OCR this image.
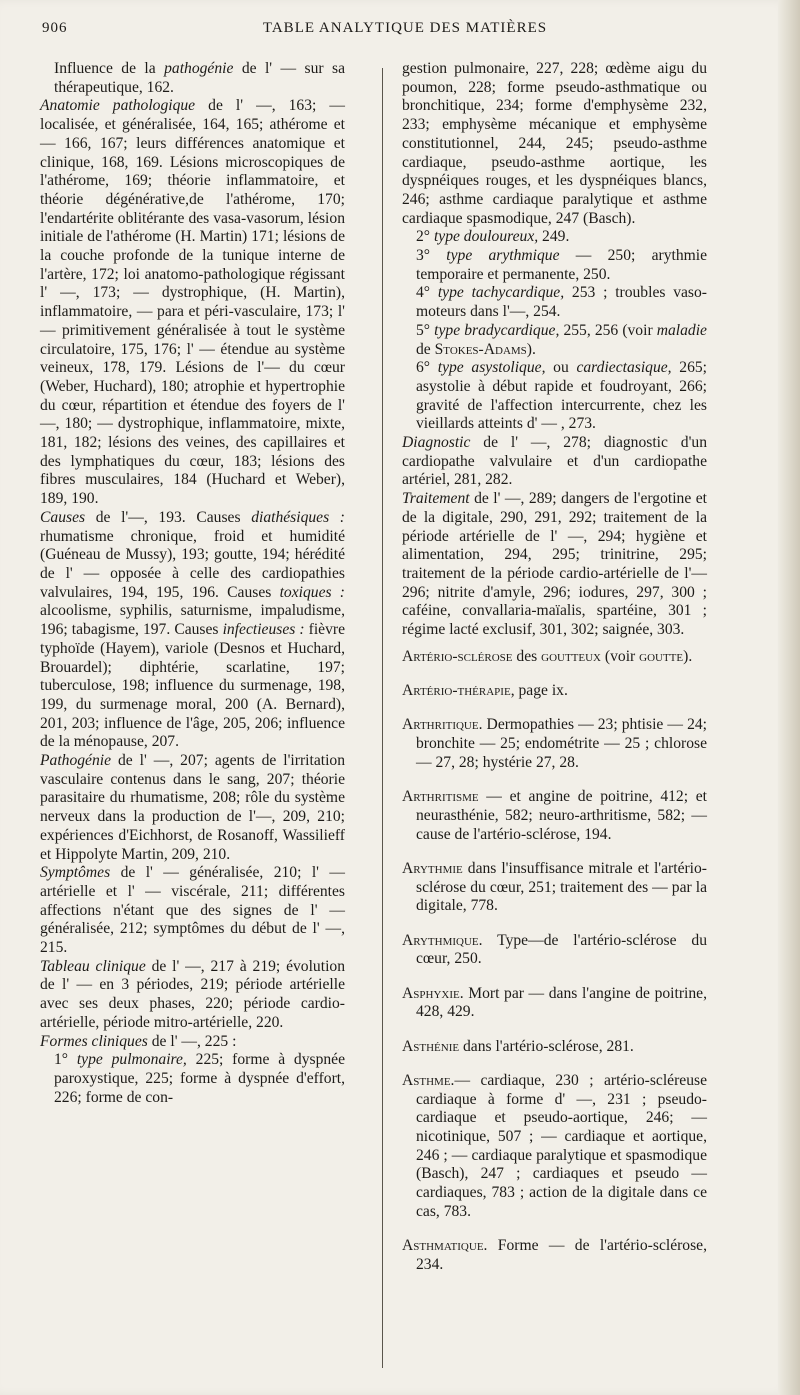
906	TABLE ANALYTIQUE DES MATIÈRES

Influence de la pathogénie de l' — sur sa thérapeutique, 162.

Anatomie pathologique de l' —, 163; — localisée, et généralisée, 164, 165; athérome et — 166, 167; leurs différences anatomique et clinique, 168, 169. Lésions microscopiques de l'athérome, 169; théorie inflammatoire, et théorie dégénérative,de l'athérome, 170; l'endartérite oblitérante des vasa-vasorum, lésion initiale de l'athérome (H. Martin) 171; lésions de la couche profonde de la tunique interne de l'artère, 172; loi anatomo-pathologique régissant l' —, 173; — dystrophique, (H. Martin), inflammatoire, — para et péri-vasculaire, 173; l' — primitivement généralisée à tout le système circulatoire, 175, 176; l' — étendue au système veineux, 178, 179. Lésions de l'— du cœur (Weber, Huchard), 180; atrophie et hypertrophie du cœur, répartition et étendue des foyers de l' —, 180; — dystrophique, inflammatoire, mixte, 181, 182; lésions des veines, des capillaires et des lymphatiques du cœur, 183; lésions des fibres musculaires, 184 (Huchard et Weber), 189, 190.

Causes de l'—, 193. Causes diathésiques : rhumatisme chronique, froid et humidité (Guéneau de Mussy), 193; goutte, 194; hérédité de l' — opposée à celle des cardiopathies valvulaires, 194, 195, 196. Causes toxiques : alcoolisme, syphilis, saturnisme, impaludisme, 196; tabagisme, 197. Causes infectieuses : fièvre typhoïde (Hayem), variole (Desnos et Huchard, Brouardel); diphtérie, scarlatine, 197; tuberculose, 198; influence du surmenage, 198, 199, du surmenage moral, 200 (A. Bernard), 201, 203; influence de l'âge, 205, 206; influence de la ménopause, 207.

Pathogénie de l' —, 207; agents de l'irritation vasculaire contenus dans le sang, 207; théorie parasitaire du rhumatisme, 208; rôle du système nerveux dans la production de l'—, 209, 210; expériences d'Eichhorst, de Rosanoff, Wassilieff et Hippolyte Martin, 209, 210.

Symptômes de l' — généralisée, 210; l' — artérielle et l' — viscérale, 211; différentes affections n'étant que des signes de l' — généralisée, 212; symptômes du début de l' —, 215.

Tableau clinique de l' —, 217 à 219; évolution de l' — en 3 périodes, 219; période artérielle avec ses deux phases, 220; période cardio-artérielle, période mitro-artérielle, 220.

Formes cliniques de l' —, 225 :

1° type pulmonaire, 225; forme à dyspnée paroxystique, 225; forme à dyspnée d'effort, 226; forme de con-

gestion pulmonaire, 227, 228; œdème aigu du poumon, 228; forme pseudo-asthmatique ou bronchitique, 234; forme d'emphysème 232, 233; emphysème mécanique et emphysème constitutionnel, 244, 245; pseudo-asthme cardiaque, pseudo-asthme aortique, les dyspnéiques rouges, et les dyspnéiques blancs, 246; asthme cardiaque paralytique et asthme cardiaque spasmodique, 247 (Basch).

2° type douloureux, 249.

3° type arythmique — 250; arythmie temporaire et permanente, 250.

4° type tachycardique, 253 ; troubles vaso-moteurs dans l'—, 254.

5° type bradycardique, 255, 256 (voir maladie de Stokes-Adams).

6° type asystolique, ou cardiectasique, 265; asystolie à début rapide et foudroyant, 266; gravité de l'affection intercurrente, chez les vieillards atteints d' — , 273.

Diagnostic de l' —, 278; diagnostic d'un cardiopathe valvulaire et d'un cardiopathe artériel, 281, 282.

Traitement de l' —, 289; dangers de l'ergotine et de la digitale, 290, 291, 292; traitement de la période artérielle de l' —, 294; hygiène et alimentation, 294, 295; trinitrine, 295; traitement de la période cardio-artérielle de l'— 296; nitrite d'amyle, 296; iodures, 297, 300 ; caféine, convallaria-maïalis, spartéine, 301 ; régime lacté exclusif, 301, 302; saignée, 303.

Artério-sclérose des goutteux (voir goutte).

Artério-thérapie, page ix.

Arthritique. Dermopathies — 23; phtisie — 24; bronchite — 25; endométrite — 25 ; chlorose — 27, 28; hystérie 27, 28.

Arthritisme — et angine de poitrine, 412; et neurasthénie, 582; neuro-arthritisme, 582; — cause de l'artério-sclérose, 194.

Arythmie dans l'insuffisance mitrale et l'artério-sclérose du cœur, 251; traitement des — par la digitale, 778.

Arythmique. Type—de l'artério-sclérose du cœur, 250.

Asphyxie. Mort par — dans l'angine de poitrine, 428, 429.

Asthénie dans l'artério-sclérose, 281.

Asthme.— cardiaque, 230 ; artério-scléreuse cardiaque à forme d' —, 231 ; pseudo-cardiaque et pseudo-aortique, 246; — nicotinique, 507 ; — cardiaque et aortique, 246 ; — cardiaque paralytique et spasmodique (Basch), 247 ; cardiaques et pseudo — cardiaques, 783 ; action de la digitale dans ce cas, 783.

Asthmatique. Forme — de l'artério-sclérose, 234.
